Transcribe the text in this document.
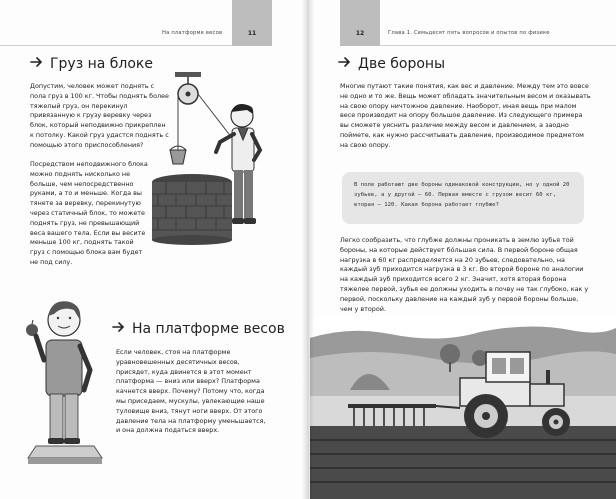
На платформе весов	11
Груз на блоке
Допустим, человек может поднять с пола груз в 100 кг. Чтобы поднять более тяжелый груз, он перекинул привязанную к грузу веревку через блок, который неподвижно прикреплен к потолку. Какой груз удастся поднять с помощью этого приспособления?
Посредством неподвижного блока можно поднять нисколько не больше, чем непосредственно руками, а то и меньше. Когда вы тянете за веревку, перекинутую через статичный блок, то можете поднять груз, не превышающий веса вашего тела. Если вы весите меньше 100 кг, поднять такой груз с помощью блока вам будет не под силу.
На платформе весов
Если человек, стоя на платформе уравновешенных десятичных весов, присядет, куда двинется в этот момент платформа — вниз или вверх? Платформа качнется вверх. Почему? Потому что, когда мы приседаем, мускулы, увлекающие наше туловище вниз, тянут ноги вверх. От этого давление тела на платформу уменьшается, и она должна податься вверх.
12	Глава 1. Семьдесят пять вопросов и опытов по физике
Две бороны
Многие путают такие понятия, как вес и давление. Между тем это вовсе не одно и то же. Вещь может обладать значительным весом и оказывать на свою опору ничтожное давление. Наоборот, иная вещь при малом весе производит на опору большое давление. Из следующего примера вы сможете уяснить различие между весом и давлением, а заодно поймете, как нужно рассчитывать давление, производимое предметом на свою опору.
В поле работают две бороны одинаковой конструкции, но у одной 20 зубьев, а у другой — 60. Первая вместе с грузом весит 60 кг, вторая — 120. Какая борона работает глубже?
Легко сообразить, что глубже должны проникать в землю зубья той бороны, на которые действует бо́льшая сила. В первой бороне общая нагрузка в 60 кг распределяется на 20 зубьев, следовательно, на каждый зуб приходится нагрузка в 3 кг. Во второй бороне по аналогии на каждый зуб приходится всего 2 кг. Значит, хотя вторая борона тяжелее первой, зубья ее должны уходить в почву не так глубоко, как у первой, поскольку давление на каждый зуб у первой бороны больше, чем у второй.
